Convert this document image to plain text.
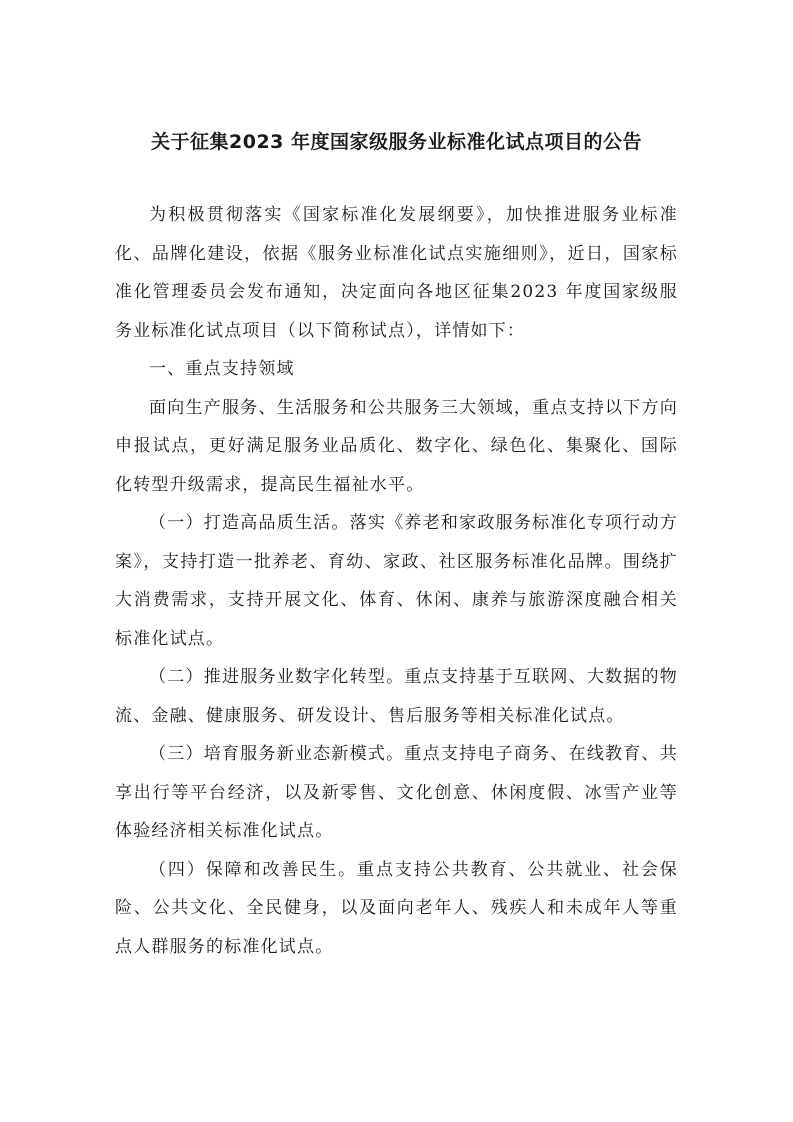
关于征集2023 年度国家级服务业标准化试点项目的公告

为积极贯彻落实《国家标准化发展纲要》，加快推进服务业标准化、品牌化建设，依据《服务业标准化试点实施细则》，近日，国家标准化管理委员会发布通知，决定面向各地区征集2023 年度国家级服务业标准化试点项目（以下简称试点），详情如下：

一、重点支持领域

面向生产服务、生活服务和公共服务三大领域，重点支持以下方向申报试点，更好满足服务业品质化、数字化、绿色化、集聚化、国际化转型升级需求，提高民生福祉水平。

（一）打造高品质生活。落实《养老和家政服务标准化专项行动方案》，支持打造一批养老、育幼、家政、社区服务标准化品牌。围绕扩大消费需求，支持开展文化、体育、休闲、康养与旅游深度融合相关标准化试点。

（二）推进服务业数字化转型。重点支持基于互联网、大数据的物流、金融、健康服务、研发设计、售后服务等相关标准化试点。

（三）培育服务新业态新模式。重点支持电子商务、在线教育、共享出行等平台经济，以及新零售、文化创意、休闲度假、冰雪产业等体验经济相关标准化试点。

（四）保障和改善民生。重点支持公共教育、公共就业、社会保险、公共文化、全民健身，以及面向老年人、残疾人和未成年人等重点人群服务的标准化试点。
